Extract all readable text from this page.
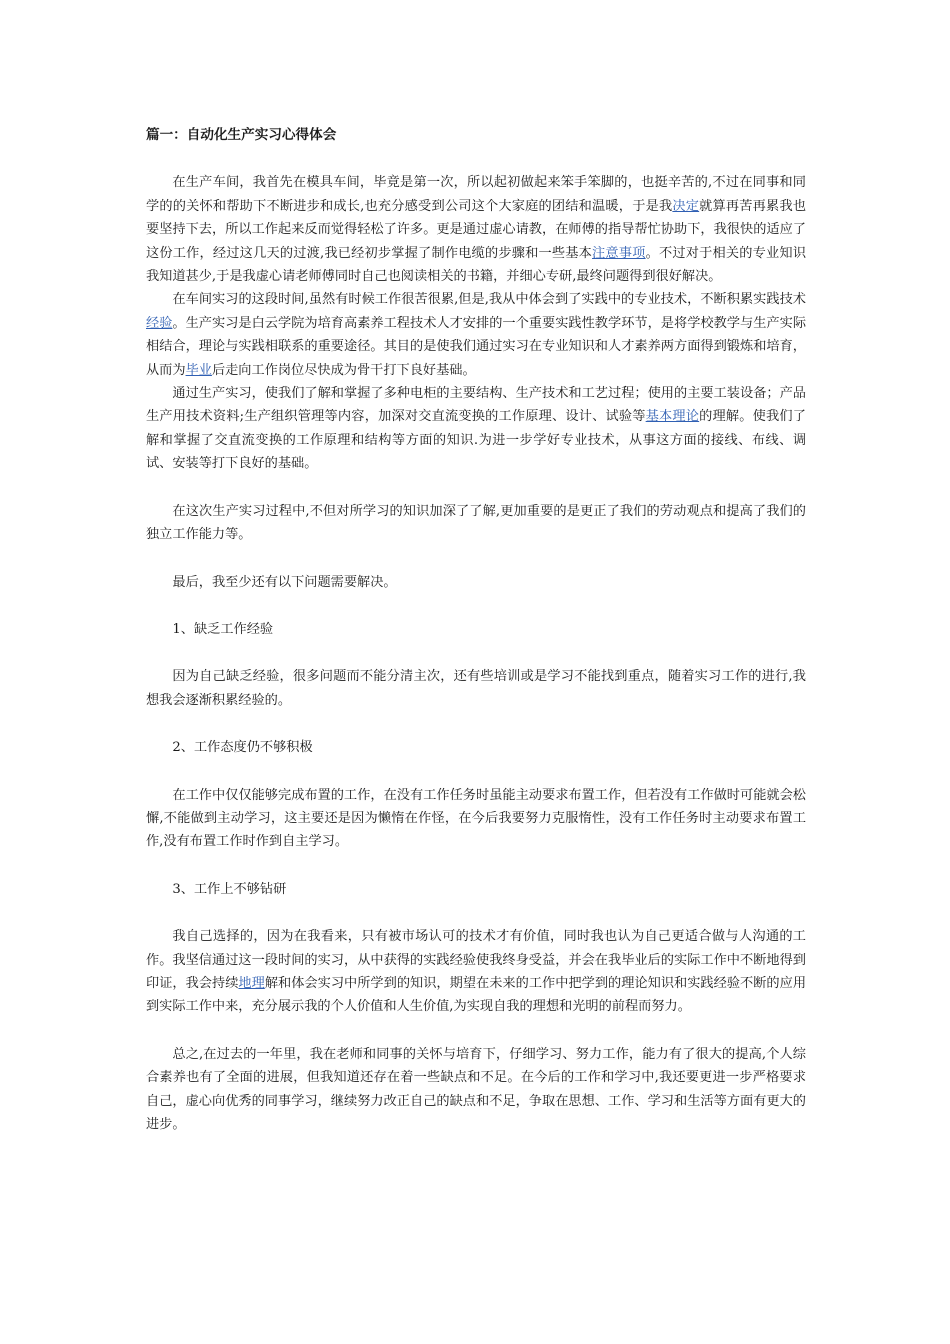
篇一：自动化生产实习心得体会

在生产车间，我首先在模具车间，毕竟是第一次，所以起初做起来笨手笨脚的，也挺辛苦的,不过在同事和同学的的关怀和帮助下不断进步和成长,也充分感受到公司这个大家庭的团结和温暖，于是我决定就算再苦再累我也要坚持下去，所以工作起来反而觉得轻松了许多。更是通过虚心请教，在师傅的指导帮忙协助下，我很快的适应了这份工作，经过这几天的过渡,我已经初步掌握了制作电缆的步骤和一些基本注意事项。不过对于相关的专业知识我知道甚少,于是我虚心请老师傅同时自己也阅读相关的书籍，并细心专研,最终问题得到很好解决。

在车间实习的这段时间,虽然有时候工作很苦很累,但是,我从中体会到了实践中的专业技术，不断积累实践技术经验。生产实习是白云学院为培育高素养工程技术人才安排的一个重要实践性教学环节，是将学校教学与生产实际相结合，理论与实践相联系的重要途径。其目的是使我们通过实习在专业知识和人才素养两方面得到锻炼和培育，从而为毕业后走向工作岗位尽快成为骨干打下良好基础。

通过生产实习，使我们了解和掌握了多种电柜的主要结构、生产技术和工艺过程；使用的主要工装设备；产品生产用技术资料;生产组织管理等内容，加深对交直流变换的工作原理、设计、试验等基本理论的理解。使我们了解和掌握了交直流变换的工作原理和结构等方面的知识.为进一步学好专业技术，从事这方面的接线、布线、调试、安装等打下良好的基础。

在这次生产实习过程中,不但对所学习的知识加深了了解,更加重要的是更正了我们的劳动观点和提高了我们的独立工作能力等。

最后，我至少还有以下问题需要解决。

1、缺乏工作经验

因为自己缺乏经验，很多问题而不能分清主次，还有些培训或是学习不能找到重点，随着实习工作的进行,我想我会逐渐积累经验的。

2、工作态度仍不够积极

在工作中仅仅能够完成布置的工作，在没有工作任务时虽能主动要求布置工作，但若没有工作做时可能就会松懈,不能做到主动学习，这主要还是因为懒惰在作怪，在今后我要努力克服惰性，没有工作任务时主动要求布置工作,没有布置工作时作到自主学习。

3、工作上不够钻研

我自己选择的，因为在我看来，只有被市场认可的技术才有价值，同时我也认为自己更适合做与人沟通的工作。我坚信通过这一段时间的实习，从中获得的实践经验使我终身受益，并会在我毕业后的实际工作中不断地得到印证，我会持续地理解和体会实习中所学到的知识，期望在未来的工作中把学到的理论知识和实践经验不断的应用到实际工作中来，充分展示我的个人价值和人生价值,为实现自我的理想和光明的前程而努力。

总之,在过去的一年里，我在老师和同事的关怀与培育下，仔细学习、努力工作，能力有了很大的提高,个人综合素养也有了全面的进展，但我知道还存在着一些缺点和不足。在今后的工作和学习中,我还要更进一步严格要求自己，虚心向优秀的同事学习，继续努力改正自己的缺点和不足，争取在思想、工作、学习和生活等方面有更大的进步。
